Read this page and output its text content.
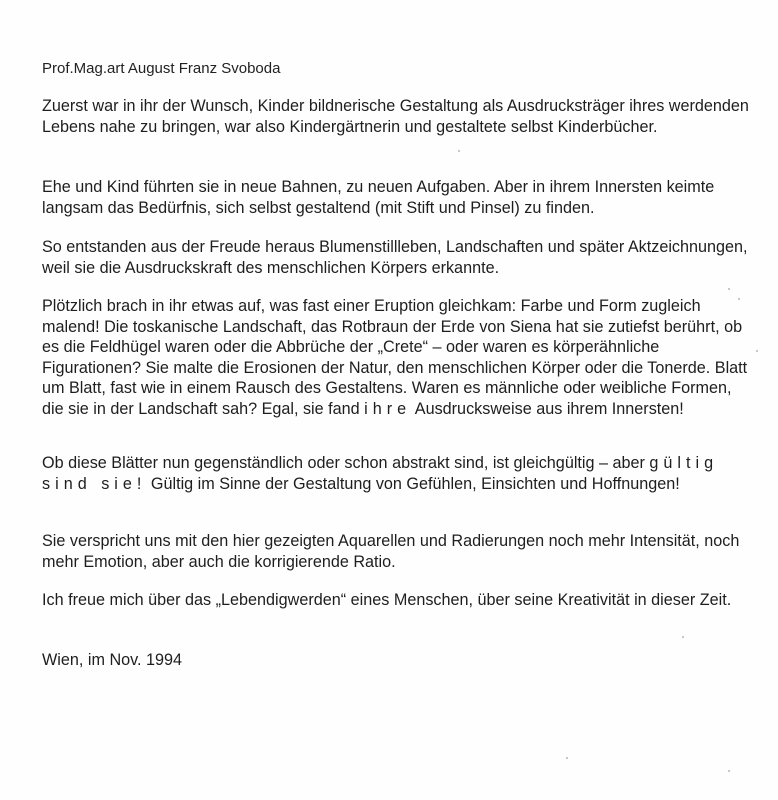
Prof.Mag.art August Franz Svoboda

Zuerst war in ihr der Wunsch, Kinder bildnerische Gestaltung als Ausdrucksträger ihres werdenden Lebens nahe zu bringen, war also Kindergärtnerin und gestaltete selbst Kinderbücher.

Ehe und Kind führten sie in neue Bahnen, zu neuen Aufgaben. Aber in ihrem Innersten keimte langsam das Bedürfnis, sich selbst gestaltend (mit Stift und Pinsel) zu finden.

So entstanden aus der Freude heraus Blumenstillleben, Landschaften und später Aktzeichnungen, weil sie die Ausdruckskraft des menschlichen Körpers erkannte.

Plötzlich brach in ihr etwas auf, was fast einer Eruption gleichkam: Farbe und Form zugleich malend! Die toskanische Landschaft, das Rotbraun der Erde von Siena hat sie zutiefst berührt, ob es die Feldhügel waren oder die Abbrüche der „Crete“ – oder waren es körperähnliche Figurationen? Sie malte die Erosionen der Natur, den menschlichen Körper oder die Tonerde. Blatt um Blatt, fast wie in einem Rausch des Gestaltens. Waren es männliche oder weibliche Formen, die sie in der Landschaft sah? Egal, sie fand ihre Ausdrucksweise aus ihrem Innersten!

Ob diese Blätter nun gegenständlich oder schon abstrakt sind, ist gleichgültig – aber gültig sind sie! Gültig im Sinne der Gestaltung von Gefühlen, Einsichten und Hoffnungen!

Sie verspricht uns mit den hier gezeigten Aquarellen und Radierungen noch mehr Intensität, noch mehr Emotion, aber auch die korrigierende Ratio.

Ich freue mich über das „Lebendigwerden“ eines Menschen, über seine Kreativität in dieser Zeit.

Wien, im Nov. 1994
